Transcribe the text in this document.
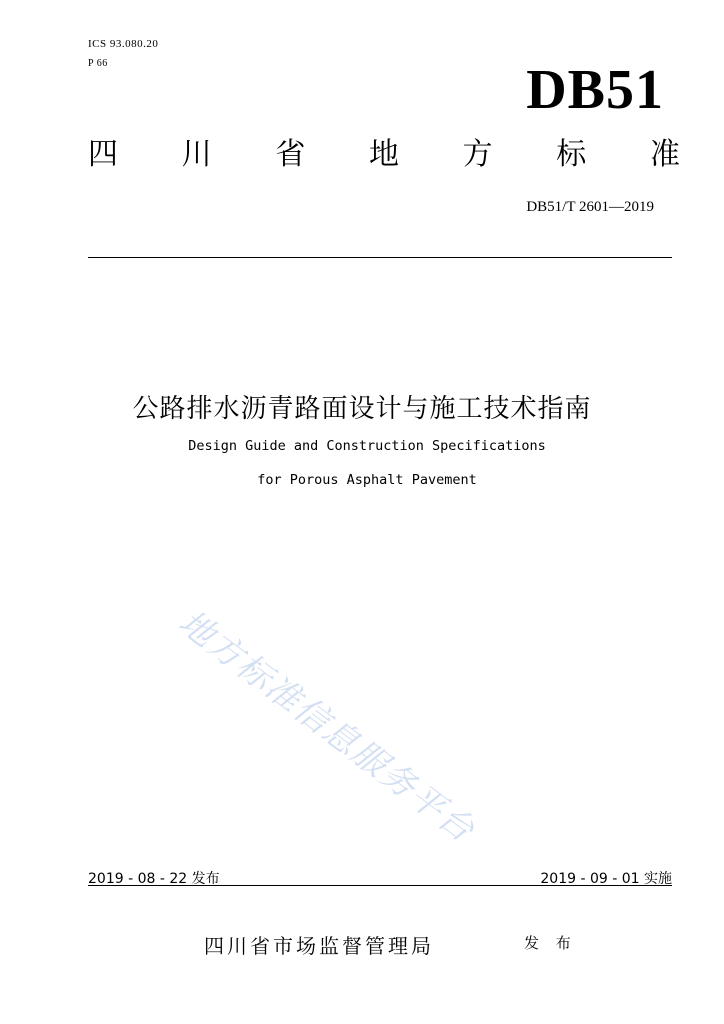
ICS 93.080.20
P 66	DB51
四 川 省 地 方 标 准
DB51/T 2601—2019
公路排水沥青路面设计与施工技术指南
Design Guide and Construction Specifications
for Porous Asphalt Pavement
地方标准信息服务平台
2019 - 08 - 22 发布	2019 - 09 - 01 实施
四川省市场监督管理局	发 布
